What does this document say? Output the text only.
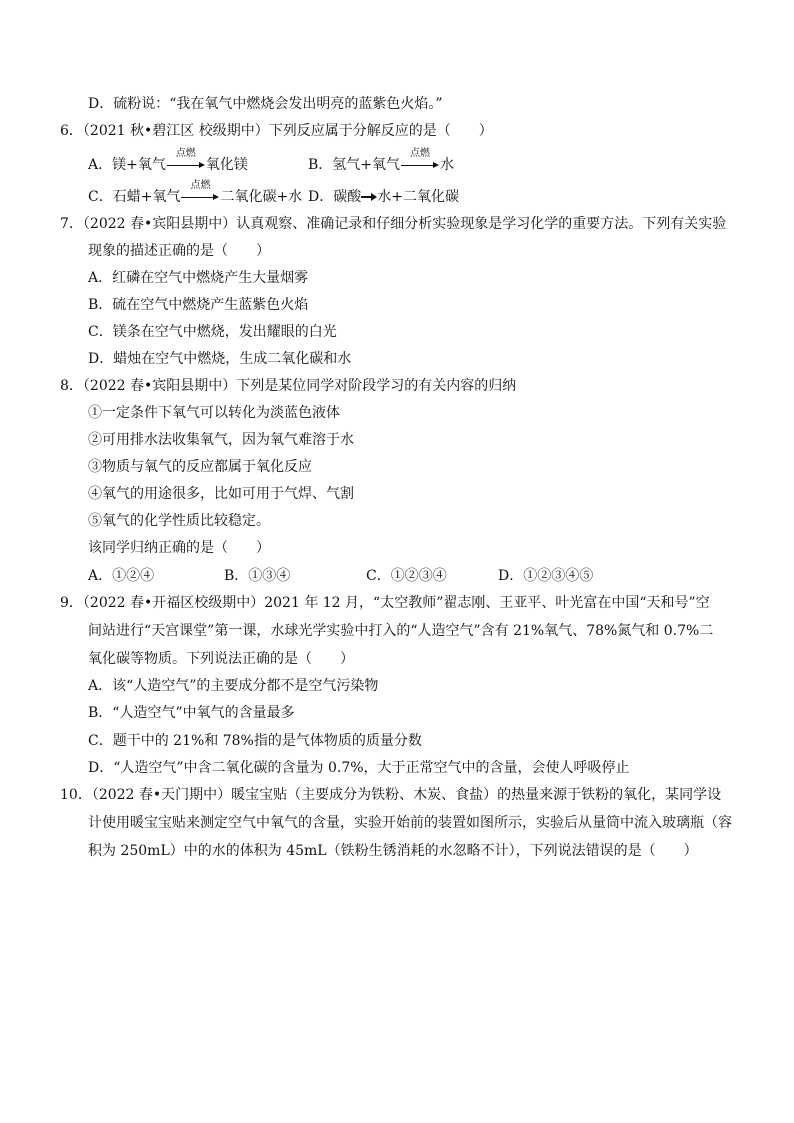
D．硫粉说：“我在氧气中燃烧会发出明亮的蓝紫色火焰。”
6．（2021 秋•碧江区 校级期中）下列反应属于分解反应的是（　　）
A．镁+氧气
点燃
氧化镁	B．氢气+氧气
点燃
水
C．石蜡+氧气
点燃
二氧化碳+水 D．碳酸 水+二氧化碳
7．（2022 春•宾阳县期中）认真观察、准确记录和仔细分析实验现象是学习化学的重要方法。下列有关实验
现象的描述正确的是（　　）
A．红磷在空气中燃烧产生大量烟雾
B．硫在空气中燃烧产生蓝紫色火焰
C．镁条在空气中燃烧，发出耀眼的白光
D．蜡烛在空气中燃烧，生成二氧化碳和水
8．（2022 春•宾阳县期中）下列是某位同学对阶段学习的有关内容的归纳
①一定条件下氧气可以转化为淡蓝色液体
②可用排水法收集氧气，因为氧气难溶于水
③物质与氧气的反应都属于氧化反应
④氧气的用途很多，比如可用于气焊、气割
⑤氧气的化学性质比较稳定。
该同学归纳正确的是（　　）
A．①②④	B．①③④	C．①②③④	D．①②③④⑤
9．（2022 春•开福区校级期中）2021 年 12 月，“太空教师”翟志刚、王亚平、叶光富在中国“天和号”空
间站进行“天宫课堂”第一课，水球光学实验中打入的“人造空气”含有 21%氧气、78%氮气和 0.7%二
氧化碳等物质。下列说法正确的是（　　）
A．该“人造空气”的主要成分都不是空气污染物
B．“人造空气”中氧气的含量最多
C．题干中的 21%和 78%指的是气体物质的质量分数
D．“人造空气”中含二氧化碳的含量为 0.7%，大于正常空气中的含量，会使人呼吸停止
10．（2022 春•天门期中）暖宝宝贴（主要成分为铁粉、木炭、食盐）的热量来源于铁粉的氧化，某同学设
计使用暖宝宝贴来测定空气中氧气的含量，实验开始前的装置如图所示，实验后从量筒中流入玻璃瓶（容
积为 250mL）中的水的体积为 45mL（铁粉生锈消耗的水忽略不计），下列说法错误的是（　　）
